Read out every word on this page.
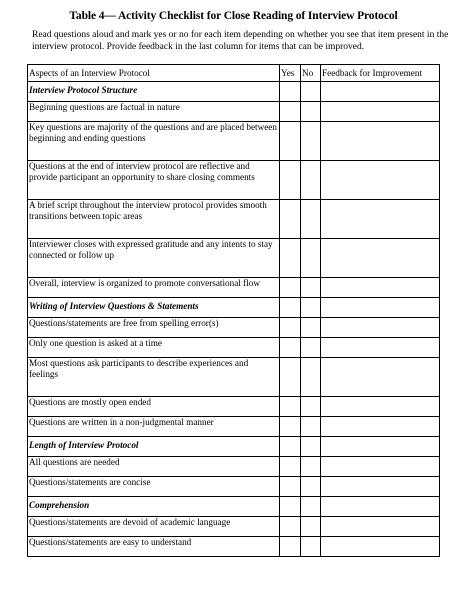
Table 4— Activity Checklist for Close Reading of Interview Protocol
Read questions aloud and mark yes or no for each item depending on whether you see that item present in the interview protocol. Provide feedback in the last column for items that can be improved.
Aspects of an Interview Protocol	Yes	No	Feedback for Improvement
Interview Protocol Structure			
Beginning questions are factual in nature			
Key questions are majority of the questions and are placed between beginning and ending questions			
Questions at the end of interview protocol are reflective and provide participant an opportunity to share closing comments			
A brief script throughout the interview protocol provides smooth transitions between topic areas			
Interviewer closes with expressed gratitude and any intents to stay connected or follow up			
Overall, interview is organized to promote conversational flow			
Writing of Interview Questions & Statements			
Questions/statements are free from spelling error(s)			
Only one question is asked at a time			
Most questions ask participants to describe experiences and feelings			
Questions are mostly open ended			
Questions are written in a non-judgmental manner			
Length of Interview Protocol			
All questions are needed			
Questions/statements are concise			
Comprehension			
Questions/statements are devoid of academic language			
Questions/statements are easy to understand			
